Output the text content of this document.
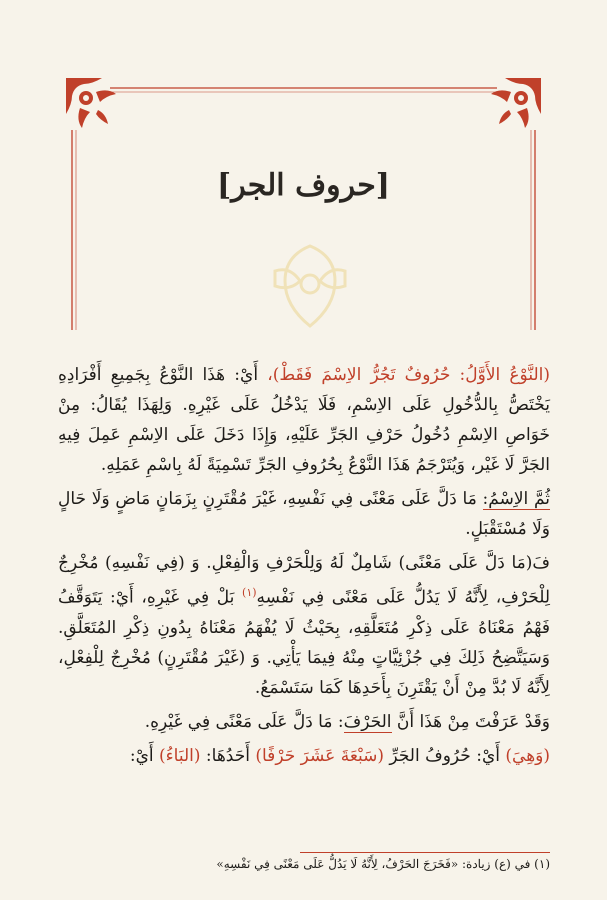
[حروف الجر]

(النَّوْعُ الأَوَّلُ: حُرُوفٌ تَجُرُّ الاِسْمَ فَقَطْ)، أَيْ: هَذَا النَّوْعُ بِجَمِيعِ أَفْرَادِهِ يَخْتَصُّ بِالدُّخُولِ عَلَى الاِسْمِ، فَلَا يَدْخُلُ عَلَى غَيْرِهِ. وَلِهَذَا يُقَالُ: مِنْ خَوَاصِ الاِسْمِ دُخُولُ حَرْفِ الجَرِّ عَلَيْهِ، وَإِذَا دَخَلَ عَلَى الاِسْمِ عَمِلَ فِيهِ الجَرَّ لَا غَيْر، وَيُتَرْجَمُ هَذَا النَّوْعُ بِحُرُوفِ الجَرِّ تَسْمِيَةً لَهُ بِاسْمِ عَمَلِهِ.

ثُمَّ الاِسْمُ: مَا دَلَّ عَلَى مَعْنًى فِي نَفْسِهِ، غَيْرَ مُقْتَرِنٍ بِزَمَانٍ مَاضٍ وَلَا حَالٍ وَلَا مُسْتَقْبَلٍ.

فَ(مَا دَلَّ عَلَى مَعْنًى) شَامِلٌ لَهُ وَلِلْحَرْفِ وَالْفِعْلِ. وَ (فِي نَفْسِهِ) مُخْرِجٌ لِلْحَرْفِ، لِأَنَّهُ لَا يَدُلُّ عَلَى مَعْنًى فِي نَفْسِهِ$^{(١)}$ بَلْ فِي غَيْرِهِ، أَيْ: يَتَوَقَّفُ فَهْمُ مَعْنَاهُ عَلَى ذِكْرِ مُتَعَلَّقِهِ، بِحَيْثُ لَا يُفْهَمُ مَعْنَاهُ بِدُونِ ذِكْرِ المُتَعَلَّقِ. وَسَيَتَّضِحُ ذَلِكَ فِي جُزْئِيَّاتٍ مِنْهُ فِيمَا يَأْتِي. وَ (غَيْرَ مُقْتَرِنٍ) مُخْرِجٌ لِلْفِعْلِ، لِأَنَّهُ لَا بُدَّ مِنْ أَنْ يَقْتَرِنَ بِأَحَدِهَا كَمَا سَتَسْمَعُ.

وَقَدْ عَرَفْتَ مِنْ هَذَا أَنَّ الحَرْفَ: مَا دَلَّ عَلَى مَعْنًى فِي غَيْرِهِ.

(وَهِيَ) أَيْ: حُرُوفُ الجَرِّ (سَبْعَةَ عَشَرَ حَرْفًا) أَحَدُهَا: (البَاءُ) أَيْ:

(١) في (ع) زيادة: «فَخَرَجَ الحَرْفُ، لِأَنَّهُ لَا يَدُلُّ عَلَى مَعْنًى فِي نَفْسِهِ»
